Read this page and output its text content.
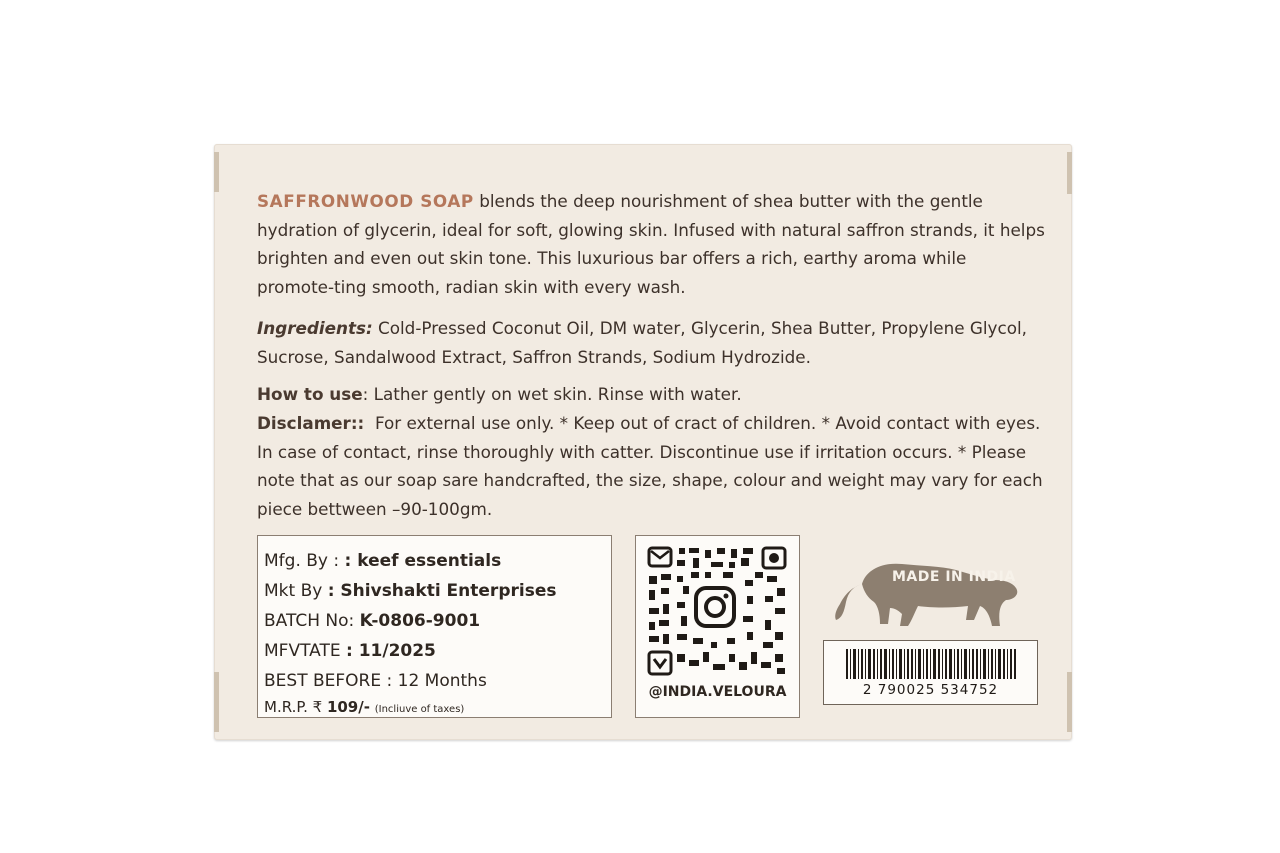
SAFFRONWOOD SOAP blends the deep nourishment of shea butter with the gentle hydration of glycerin, ideal for soft, glowing skin. Infused with natural saffron strands, it helps brighten and even out skin tone. This luxurious bar offers a rich, earthy aroma while promote-ting smooth, radian skin with every wash.

Ingredients: Cold-Pressed Coconut Oil, DM water, Glycerin, Shea Butter, Propylene Glycol, Sucrose, Sandalwood Extract, Saffron Strands, Sodium Hydrozide.

How to use: Lather gently on wet skin. Rinse with water.

Disclamer:: For external use only. * Keep out of cract of children. * Avoid contact with eyes. In case of contact, rinse thoroughly with catter. Discontinue use if irritation occurs. * Please note that as our soap sare handcrafted, the size, shape, colour and weight may vary for each piece bettween –90-100gm.

Mfg. By : : keef essentials
Mkt By : Shivshakti Enterprises
BATCH No: K-0806-9001
MFVTATE : 11/2025
BEST BEFORE : 12 Months
M.R.P. ₹ 109/- (Incliuve of taxes)
@INDIA.VELOURA
MADE IN INDIA
2 790025 534752
